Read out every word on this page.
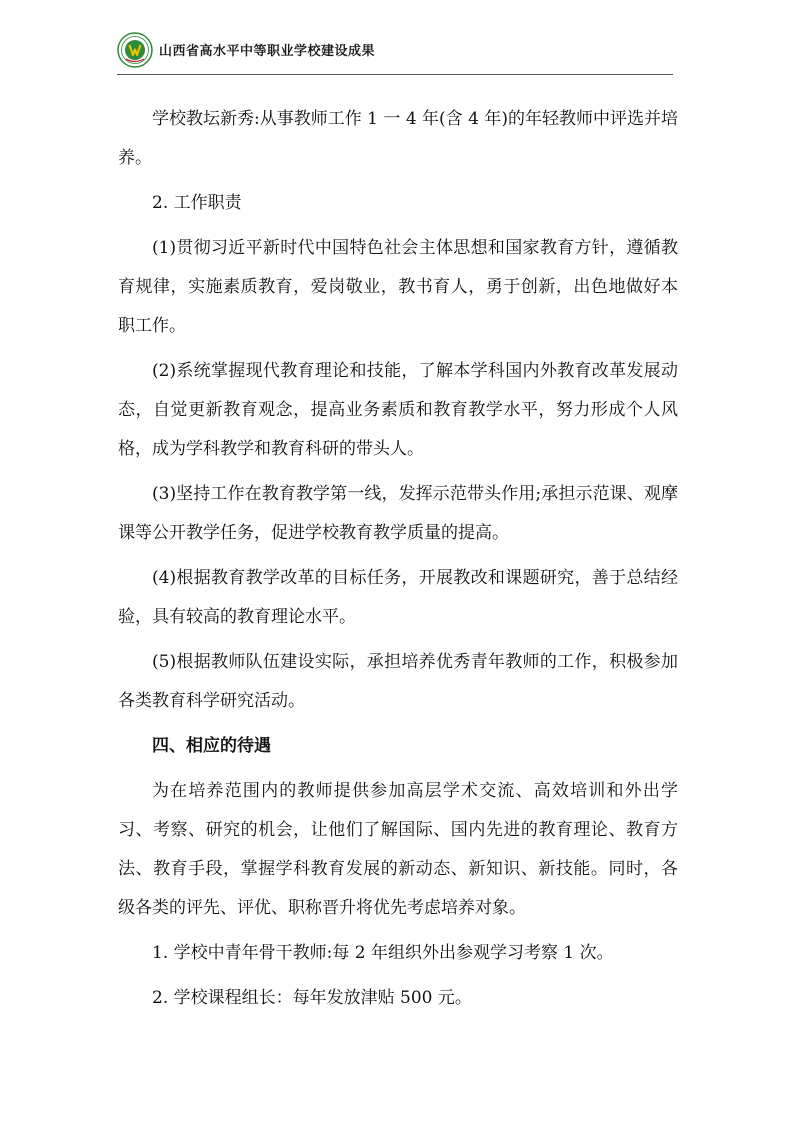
山西省高水平中等职业学校建设成果

学校教坛新秀:从事教师工作 1 一 4 年(含 4 年)的年轻教师中评选并培养。

2. 工作职责

(1)贯彻习近平新时代中国特色社会主体思想和国家教育方针，遵循教育规律，实施素质教育，爱岗敬业，教书育人，勇于创新，出色地做好本职工作。

(2)系统掌握现代教育理论和技能，了解本学科国内外教育改革发展动态，自觉更新教育观念，提高业务素质和教育教学水平，努力形成个人风格，成为学科教学和教育科研的带头人。

(3)坚持工作在教育教学第一线，发挥示范带头作用;承担示范课、观摩课等公开教学任务，促进学校教育教学质量的提高。

(4)根据教育教学改革的目标任务，开展教改和课题研究，善于总结经验，具有较高的教育理论水平。

(5)根据教师队伍建设实际，承担培养优秀青年教师的工作，积极参加各类教育科学研究活动。

四、相应的待遇

为在培养范围内的教师提供参加高层学术交流、高效培训和外出学习、考察、研究的机会，让他们了解国际、国内先进的教育理论、教育方法、教育手段，掌握学科教育发展的新动态、新知识、新技能。同时，各级各类的评先、评优、职称晋升将优先考虑培养对象。

1. 学校中青年骨干教师:每 2 年组织外出参观学习考察 1 次。

2. 学校课程组长：每年发放津贴 500 元。
